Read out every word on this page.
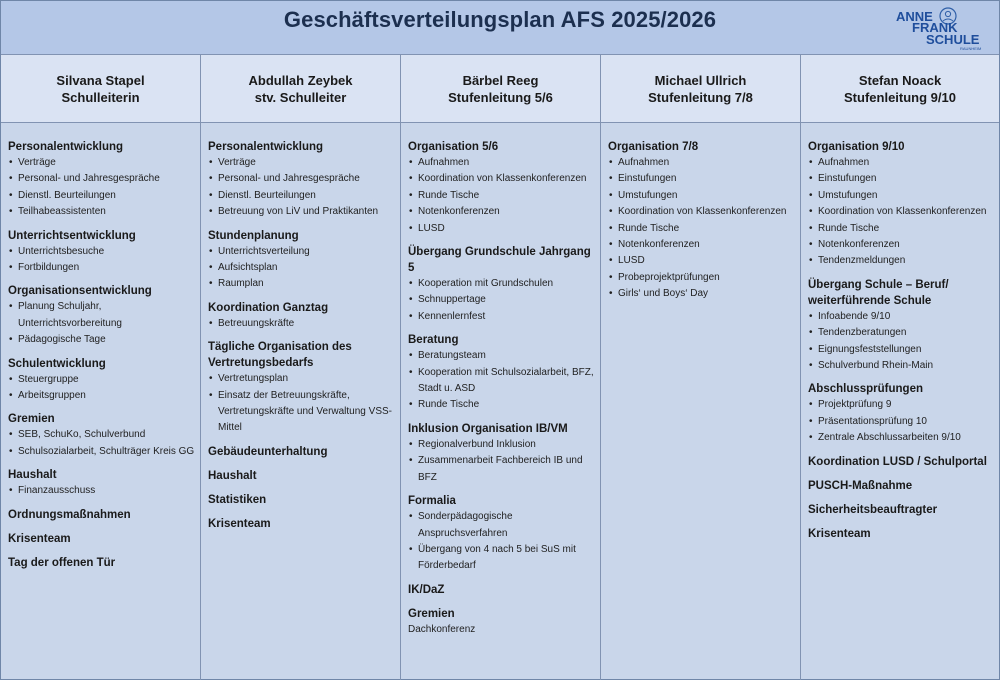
Geschäftsverteilungsplan AFS 2025/2026	ANNE
FRANK
SCHULE
RAUNHEIM
Silvana Stapel
Schulleiterin
Personalentwicklung
• Verträge
• Personal- und Jahresgespräche
• Dienstl. Beurteilungen
• Teilhabeassistenten
Unterrichtsentwicklung
• Unterrichtsbesuche
• Fortbildungen
Organisationsentwicklung
• Planung Schuljahr, Unterrichtsvorbereitung
• Pädagogische Tage
Schulentwicklung
• Steuergruppe
• Arbeitsgruppen
Gremien
• SEB, SchuKo, Schulverbund
• Schulsozialarbeit, Schulträger Kreis GG
Haushalt
• Finanzausschuss
Ordnungsmaßnahmen
Krisenteam
Tag der offenen Tür
Abdullah Zeybek
stv. Schulleiter
Personalentwicklung
• Verträge
• Personal- und Jahresgespräche
• Dienstl. Beurteilungen
• Betreuung von LiV und Praktikanten
Stundenplanung
• Unterrichtsverteilung
• Aufsichtsplan
• Raumplan
Koordination Ganztag
• Betreuungskräfte
Tägliche Organisation des Vertretungsbedarfs
• Vertretungsplan
• Einsatz der Betreuungskräfte, Vertretungskräfte und Verwaltung VSS-Mittel
Gebäudeunterhaltung
Haushalt
Statistiken
Krisenteam
Bärbel Reeg
Stufenleitung 5/6
Organisation 5/6
• Aufnahmen
• Koordination von Klassenkonferenzen
• Runde Tische
• Notenkonferenzen
• LUSD
Übergang Grundschule Jahrgang 5
• Kooperation mit Grundschulen
• Schnuppertage
• Kennenlernfest
Beratung
• Beratungsteam
• Kooperation mit Schulsozialarbeit, BFZ, Stadt u. ASD
• Runde Tische
Inklusion Organisation IB/VM
• Regionalverbund Inklusion
• Zusammenarbeit Fachbereich IB und BFZ
Formalia
• Sonderpädagogische Anspruchsverfahren
• Übergang von 4 nach 5 bei SuS mit Förderbedarf
IK/DaZ
Gremien
Dachkonferenz
Michael Ullrich
Stufenleitung 7/8
Organisation 7/8
• Aufnahmen
• Einstufungen
• Umstufungen
• Koordination von Klassenkonferenzen
• Runde Tische
• Notenkonferenzen
• LUSD
• Probeprojektprüfungen
• Girls‘ und Boys‘ Day
Stefan Noack
Stufenleitung 9/10
Organisation 9/10
• Aufnahmen
• Einstufungen
• Umstufungen
• Koordination von Klassenkonferenzen
• Runde Tische
• Notenkonferenzen
• Tendenzmeldungen
Übergang Schule – Beruf/ weiterführende Schule
• Infoabende 9/10
• Tendenzberatungen
• Eignungsfeststellungen
• Schulverbund Rhein-Main
Abschlussprüfungen
• Projektprüfung 9
• Präsentationsprüfung 10
• Zentrale Abschlussarbeiten 9/10
Koordination LUSD / Schulportal
PUSCH-Maßnahme
Sicherheitsbeauftragter
Krisenteam
